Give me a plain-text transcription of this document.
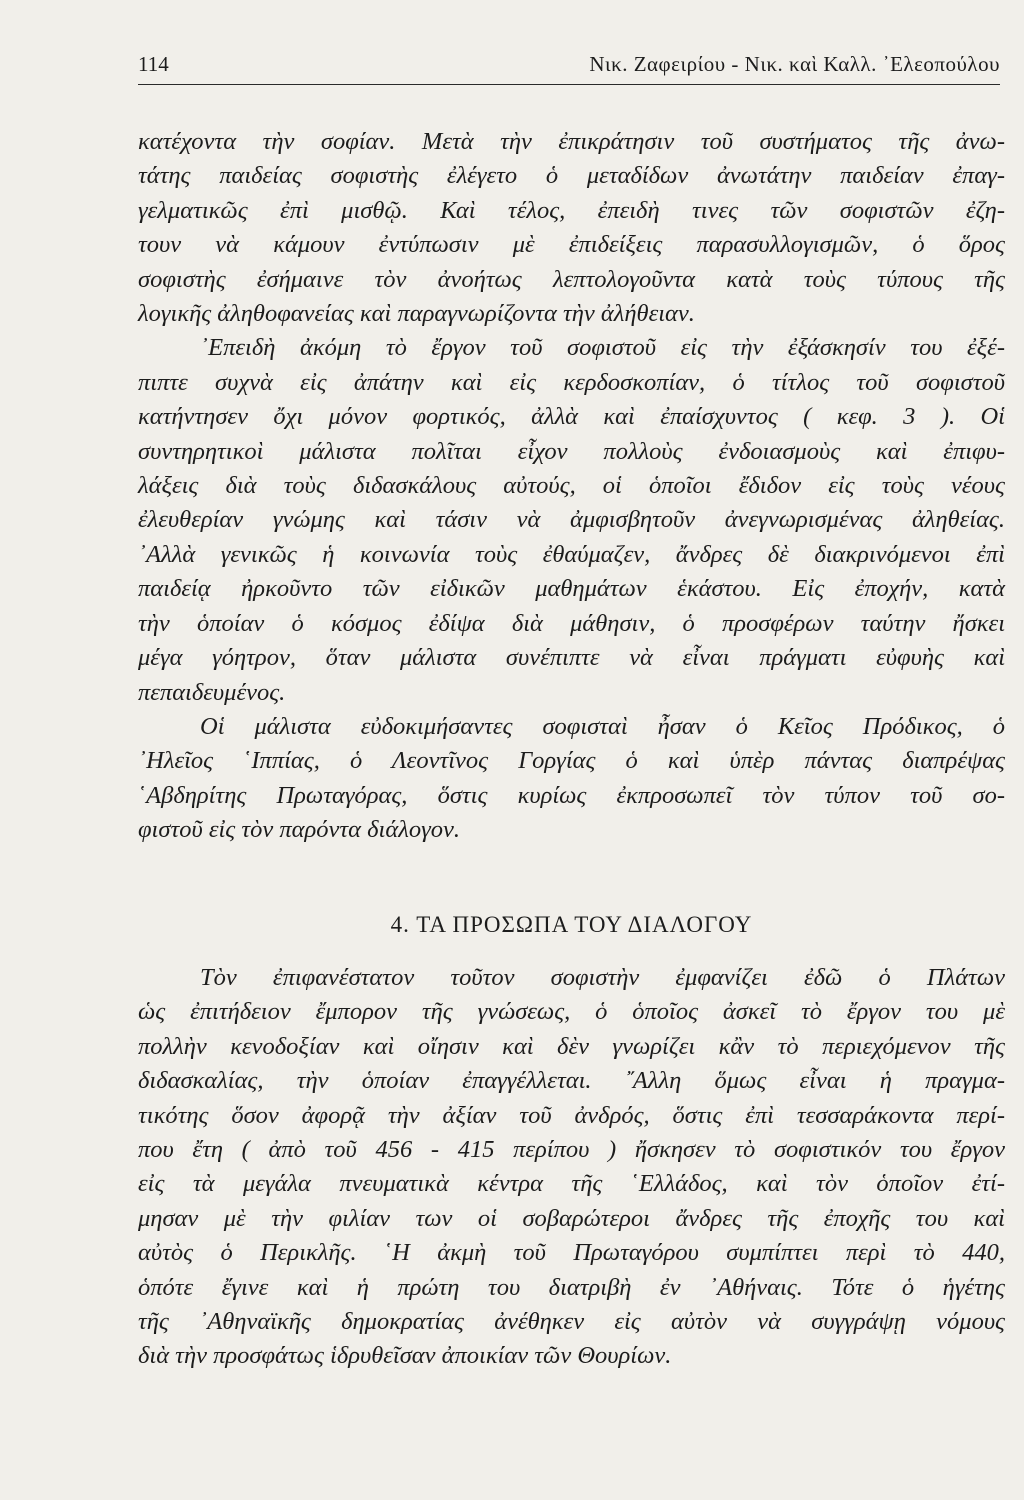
114	Νικ. Ζαφειρίου - Νικ. καὶ Καλλ. ᾿Ελεοπούλου
κατέχοντα τὴν σοφίαν. Μετὰ τὴν ἐπικράτησιν τοῦ συστήματος τῆς ἀνω-
τάτης παιδείας σοφιστὴς ἐλέγετο ὁ μεταδίδων ἀνωτάτην παιδείαν ἐπαγ-
γελματικῶς ἐπὶ μισθῷ. Καὶ τέλος, ἐπειδὴ τινες τῶν σοφιστῶν ἐζη-
τουν νὰ κάμουν ἐντύπωσιν μὲ ἐπιδείξεις παρασυλλογισμῶν, ὁ ὅρος
σοφιστὴς ἐσήμαινε τὸν ἀνοήτως λεπτολογοῦντα κατὰ τοὺς τύπους τῆς
λογικῆς ἀληθοφανείας καὶ παραγνωρίζοντα τὴν ἀλήθειαν.
᾿Επειδὴ ἀκόμη τὸ ἔργον τοῦ σοφιστοῦ εἰς τὴν ἐξάσκησίν του ἐξέ-
πιπτε συχνὰ εἰς ἀπάτην καὶ εἰς κερδοσκοπίαν, ὁ τίτλος τοῦ σοφιστοῦ
κατήντησεν ὄχι μόνον φορτικός, ἀλλὰ καὶ ἐπαίσχυντος ( κεφ. 3 ). Οἱ
συντηρητικοὶ μάλιστα πολῖται εἶχον πολλοὺς ἐνδοιασμοὺς καὶ ἐπιφυ-
λάξεις διὰ τοὺς διδασκάλους αὐτούς, οἱ ὁποῖοι ἔδιδον εἰς τοὺς νέους
ἐλευθερίαν γνώμης καὶ τάσιν νὰ ἀμφισβητοῦν ἀνεγνωρισμένας ἀληθείας.
᾿Αλλὰ γενικῶς ἡ κοινωνία τοὺς ἐθαύμαζεν, ἄνδρες δὲ διακρινόμενοι ἐπὶ
παιδείᾳ ἠρκοῦντο τῶν εἰδικῶν μαθημάτων ἑκάστου. Εἰς ἐποχήν, κατὰ
τὴν ὁποίαν ὁ κόσμος ἐδίψα διὰ μάθησιν, ὁ προσφέρων ταύτην ἤσκει
μέγα γόητρον, ὅταν μάλιστα συνέπιπτε νὰ εἶναι πράγματι εὐφυὴς καὶ
πεπαιδευμένος.
Οἱ μάλιστα εὐδοκιμήσαντες σοφισταὶ ἦσαν ὁ Κεῖος Πρόδικος, ὁ
᾿Ηλεῖος ῾Ιππίας, ὁ Λεοντῖνος Γοργίας ὁ καὶ ὑπὲρ πάντας διαπρέψας
῾Αβδηρίτης Πρωταγόρας, ὅστις κυρίως ἐκπροσωπεῖ τὸν τύπον τοῦ σο-
φιστοῦ εἰς τὸν παρόντα διάλογον.
4. ΤΑ ΠΡΟΣΩΠΑ ΤΟΥ ΔΙΑΛΟΓΟΥ
Τὸν ἐπιφανέστατον τοῦτον σοφιστὴν ἐμφανίζει ἐδῶ ὁ Πλάτων
ὡς ἐπιτήδειον ἔμπορον τῆς γνώσεως, ὁ ὁποῖος ἀσκεῖ τὸ ἔργον του μὲ
πολλὴν κενοδοξίαν καὶ οἴησιν καὶ δὲν γνωρίζει κἂν τὸ περιεχόμενον τῆς
διδασκαλίας, τὴν ὁποίαν ἐπαγγέλλεται. ῎Αλλη ὅμως εἶναι ἡ πραγμα-
τικότης ὅσον ἀφορᾷ τὴν ἀξίαν τοῦ ἀνδρός, ὅστις ἐπὶ τεσσαράκοντα περί-
που ἔτη ( ἀπὸ τοῦ 456 - 415 περίπου ) ἤσκησεν τὸ σοφιστικόν του ἔργον
εἰς τὰ μεγάλα πνευματικὰ κέντρα τῆς ῾Ελλάδος, καὶ τὸν ὁποῖον ἐτί-
μησαν μὲ τὴν φιλίαν των οἱ σοβαρώτεροι ἄνδρες τῆς ἐποχῆς του καὶ
αὐτὸς ὁ Περικλῆς. ῾Η ἀκμὴ τοῦ Πρωταγόρου συμπίπτει περὶ τὸ 440,
ὁπότε ἔγινε καὶ ἡ πρώτη του διατριβὴ ἐν ᾿Αθήναις. Τότε ὁ ἡγέτης
τῆς ᾿Αθηναϊκῆς δημοκρατίας ἀνέθηκεν εἰς αὐτὸν νὰ συγγράψῃ νόμους
διὰ τὴν προσφάτως ἱδρυθεῖσαν ἀποικίαν τῶν Θουρίων.
